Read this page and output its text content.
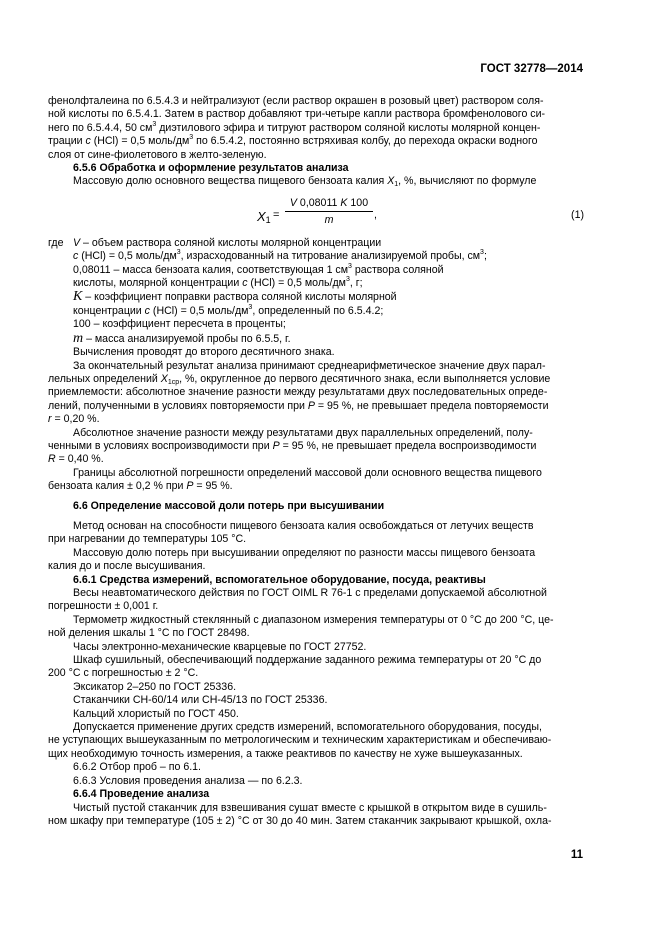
ГОСТ 32778—2014

фенолфталеина по 6.5.4.3 и нейтрализуют (если раствор окрашен в розовый цвет) раствором соля-
ной кислоты по 6.5.4.1. Затем в раствор добавляют три-четыре капли раствора бромфенолового си-
него по 6.5.4.4, 50 $см^3$ диэтилового эфира и титруют раствором соляной кислоты молярной концен-
трации c (HCl) = 0,5 моль/$дм^3$ по 6.5.4.2, постоянно встряхивая колбу, до перехода окраски водного
слоя от сине-фиолетового в желто-зеленую.

6.5.6 Обработка и оформление результатов анализа

Массовую долю основного вещества пищевого бензоата калия $X_1$, %, вычисляют по формуле

$X1 = \frac{V 0,08011 K 100}{m}$ ,	(1)
где V – объем раствора соляной кислоты молярной концентрации
c (HCl) = 0,5 моль/$дм^3$, израсходованный на титрование анализируемой пробы, $см^3$;
0,08011 – масса бензоата калия, соответствующая 1 $см^3$ раствора соляной
кислоты, молярной концентрации c (HCl) = 0,5 моль/$дм^3$, г;
K – коэффициент поправки раствора соляной кислоты молярной
концентрации c (HCl) = 0,5 моль/$дм^3$, определенный по 6.5.4.2;
100 – коэффициент пересчета в проценты;
m – масса анализируемой пробы по 6.5.5, г.
Вычисления проводят до второго десятичного знака.

За окончательный результат анализа принимают среднеарифметическое значение двух парал-
лельных определений $X_{1ср}$, %, округленное до первого десятичного знака, если выполняется условие
приемлемости: абсолютное значение разности между результатами двух последовательных опреде-
лений, полученными в условиях повторяемости при P = 95 %, не превышает предела повторяемости
r = 0,20 %.

Абсолютное значение разности между результатами двух параллельных определений, полу-
ченными в условиях воспроизводимости при P = 95 %, не превышает предела воспроизводимости
R = 0,40 %.

Границы абсолютной погрешности определений массовой доли основного вещества пищевого
бензоата калия ± 0,2 % при P = 95 %.

6.6 Определение массовой доли потерь при высушивании

Метод основан на способности пищевого бензоата калия освобождаться от летучих веществ
при нагревании до температуры 105 °С.

Массовую долю потерь при высушивании определяют по разности массы пищевого бензоата
калия до и после высушивания.

6.6.1 Средства измерений, вспомогательное оборудование, посуда, реактивы

Весы неавтоматического действия по ГОСТ OIML R 76-1 с пределами допускаемой абсолютной
погрешности ± 0,001 г.

Термометр жидкостный стеклянный с диапазоном измерения температуры от 0 °С до 200 °С, це-
ной деления шкалы 1 °С по ГОСТ 28498.

Часы электронно-механические кварцевые по ГОСТ 27752.

Шкаф сушильный, обеспечивающий поддержание заданного режима температуры от 20 °С до
200 °С с погрешностью ± 2 °С.

Эксикатор 2–250 по ГОСТ 25336.

Стаканчики СН-60/14 или СН-45/13 по ГОСТ 25336.

Кальций хлористый по ГОСТ 450.

Допускается применение других средств измерений, вспомогательного оборудования, посуды,
не уступающих вышеуказанным по метрологическим и техническим характеристикам и обеспечиваю-
щих необходимую точность измерения, а также реактивов по качеству не хуже вышеуказанных.

6.6.2 Отбор проб – по 6.1.

6.6.3 Условия проведения анализа — по 6.2.3.

6.6.4 Проведение анализа

Чистый пустой стаканчик для взвешивания сушат вместе с крышкой в открытом виде в сушиль-
ном шкафу при температуре (105 ± 2) °С от 30 до 40 мин. Затем стаканчик закрывают крышкой, охла-

11
